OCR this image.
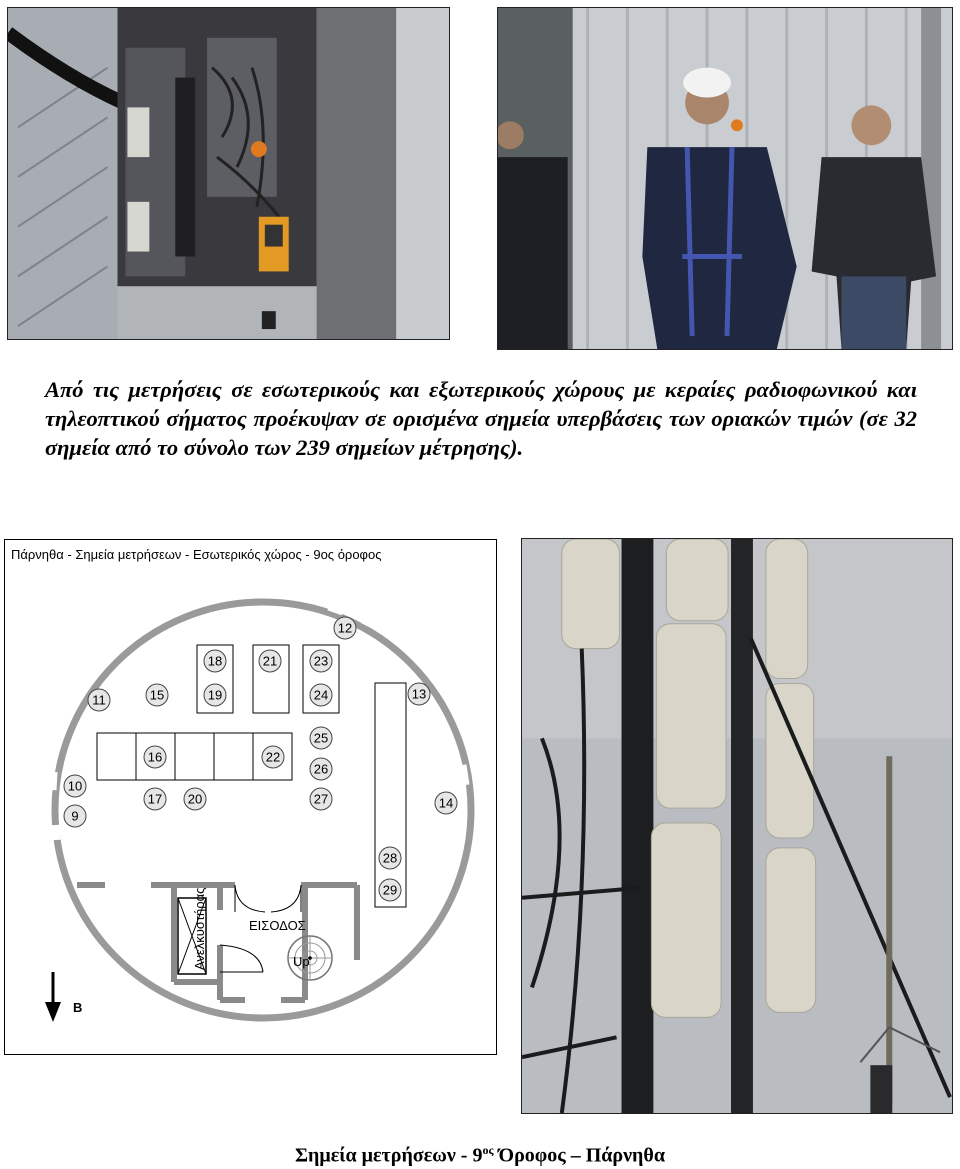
Από τις μετρήσεις σε εσωτερικούς και εξωτερικούς χώρους με κεραίες ραδιοφωνικού και τηλεοπτικού σήματος προέκυψαν σε ορισμένα σημεία υπερβάσεις των οριακών τιμών (σε 32 σημεία από το σύνολο των 239 σημείων μέτρησης).
Πάρνηθα - Σημεία μετρήσεων - Εσωτερικός χώρος - 9ος όροφος
9
10
11
12
13
14
15
16
17
18
19
20
21
22
23
24
25
26
27
28
29
ΕΙΣΟΔΟΣ
Up
Ανελκυστήρας
Β
Σημεία μετρήσεων - $9^{o\varsigma}$ Όροφος – Πάρνηθα
